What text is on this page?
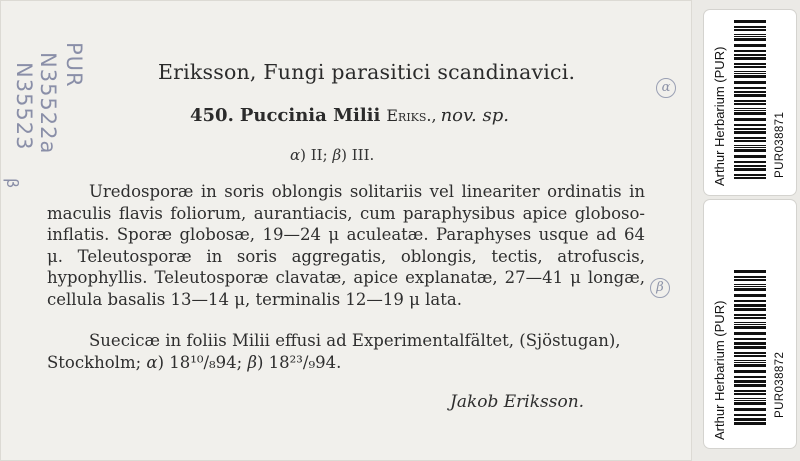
Eriksson, Fungi parasitici scandinavici.
450. Puccinia Milii Eriks., nov. sp.
α) II; β) III.
Uredosporæ in soris oblongis solitariis vel lineariter ordinatis in maculis flavis foliorum, aurantiacis, cum paraphysibus apice globoso-inflatis. Sporæ globosæ, 19—24 μ aculeatæ. Paraphyses usque ad 64 μ. Teleutosporæ in soris aggregatis, oblongis, tectis, atrofuscis, hypophyllis. Teleutosporæ clavatæ, apice explanatæ, 27—41 μ longæ, cellula basalis 13—14 μ, terminalis 12—19 μ lata.
Suecicæ in foliis Milii effusi ad Experimentalfältet, (Sjöstugan), Stockholm; α) 18¹⁰/₈94; β) 18²³/₉94.
Jakob Eriksson.
PUR
N35522a
N35523
β
α
β
Arthur Herbarium (PUR)	PUR038871
Arthur Herbarium (PUR)	PUR038872
